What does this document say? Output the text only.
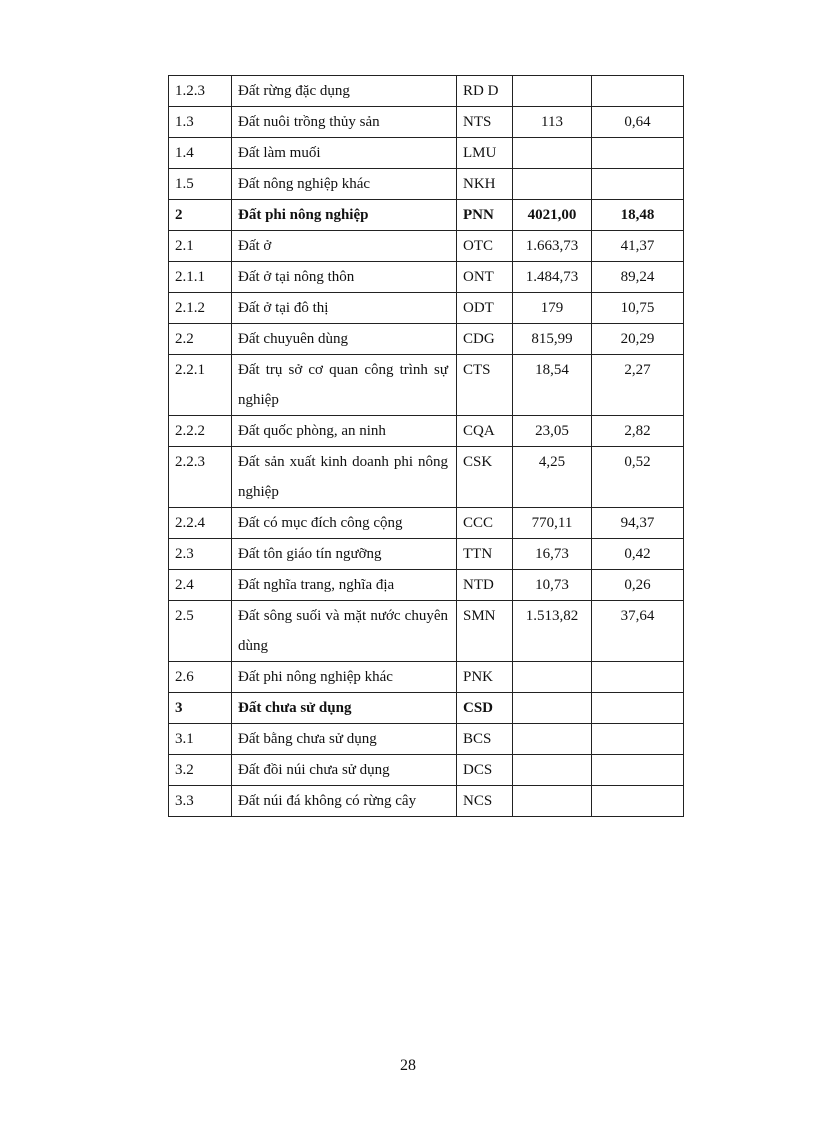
1.2.3	Đất rừng đặc dụng	RD D		
1.3	Đất nuôi trồng thủy sản	NTS	113	0,64
1.4	Đất làm muối	LMU		
1.5	Đất nông nghiệp khác	NKH		
2	Đất phi nông nghiệp	PNN	4021,00	18,48
2.1	Đất ở	OTC	1.663,73	41,37
2.1.1	Đất ở tại nông thôn	ONT	1.484,73	89,24
2.1.2	Đất ở tại đô thị	ODT	179	10,75
2.2	Đất chuyuên dùng	CDG	815,99	20,29
2.2.1	Đất trụ sở cơ quan công trình sự nghiệp	CTS	18,54	2,27
2.2.2	Đất quốc phòng, an ninh	CQA	23,05	2,82
2.2.3	Đất sản xuất kinh doanh phi nông nghiệp	CSK	4,25	0,52
2.2.4	Đất có mục đích công cộng	CCC	770,11	94,37
2.3	Đất tôn giáo tín ngưỡng	TTN	16,73	0,42
2.4	Đất nghĩa trang, nghĩa địa	NTD	10,73	0,26
2.5	Đất sông suối và mặt nước chuyên dùng	SMN	1.513,82	37,64
2.6	Đất phi nông nghiệp khác	PNK		
3	Đất chưa sử dụng	CSD		
3.1	Đất bằng chưa sử dụng	BCS		
3.2	Đất đồi núi chưa sử dụng	DCS		
3.3	Đất núi đá không có rừng cây	NCS		
28
